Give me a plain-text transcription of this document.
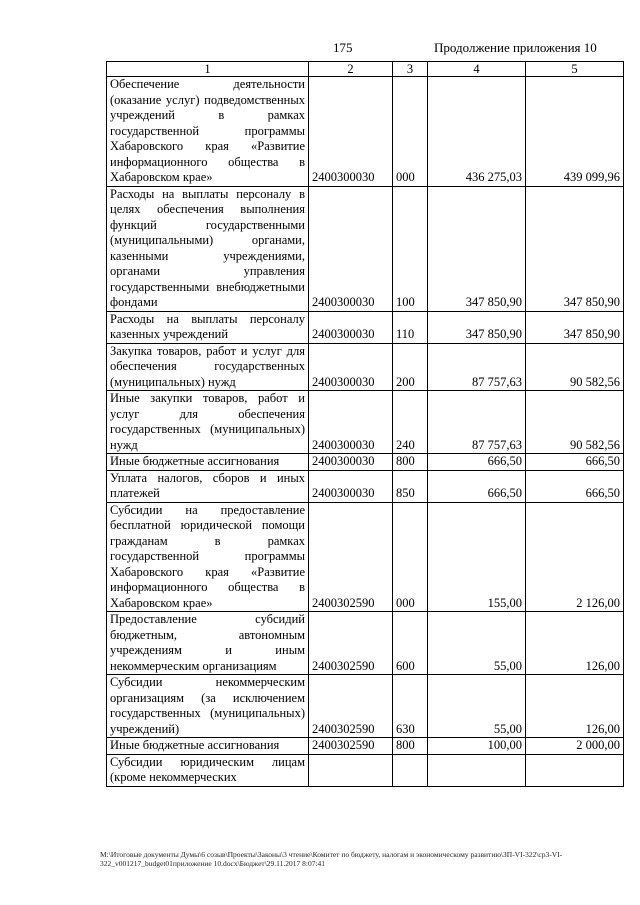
175	Продолжение приложения 10
1	2	3	4	5
Обеспечение деятельности (оказание услуг) подведомственных учреждений в рамках государственной программы Хабаровского края «Развитие информационного общества в Хабаровском крае»	2400300030	000	436 275,03	439 099,96
Расходы на выплаты персоналу в целях обеспечения выполнения функций государственными (муниципальными) органами, казенными учреждениями, органами управления государственными внебюджетными фондами	2400300030	100	347 850,90	347 850,90
Расходы на выплаты персоналу казенных учреждений	2400300030	110	347 850,90	347 850,90
Закупка товаров, работ и услуг для обеспечения государственных (муниципальных) нужд	2400300030	200	87 757,63	90 582,56
Иные закупки товаров, работ и услуг для обеспечения государственных (муниципальных) нужд	2400300030	240	87 757,63	90 582,56
Иные бюджетные ассигнования	2400300030	800	666,50	666,50
Уплата налогов, сборов и иных платежей	2400300030	850	666,50	666,50
Субсидии на предоставление бесплатной юридической помощи гражданам в рамках государственной программы Хабаровского края «Развитие информационного общества в Хабаровском крае»	2400302590	000	155,00	2 126,00
Предоставление субсидий бюджетным, автономным учреждениям и иным некоммерческим организациям	2400302590	600	55,00	126,00
Субсидии некоммерческим организациям (за исключением государственных (муниципальных) учреждений)	2400302590	630	55,00	126,00
Иные бюджетные ассигнования	2400302590	800	100,00	2 000,00
Субсидии юридическим лицам (кроме некоммерческих				
M:\Итоговые документы Думы\6 созыв\Проекты\Законы\3 чтение\Комитет по бюджету, налогам и экономическому развитию\ЗП-VI-322\ср3-VI-322_v001217_budget01приложение 10.docx\Бюджет\29.11.2017 8:07:41
